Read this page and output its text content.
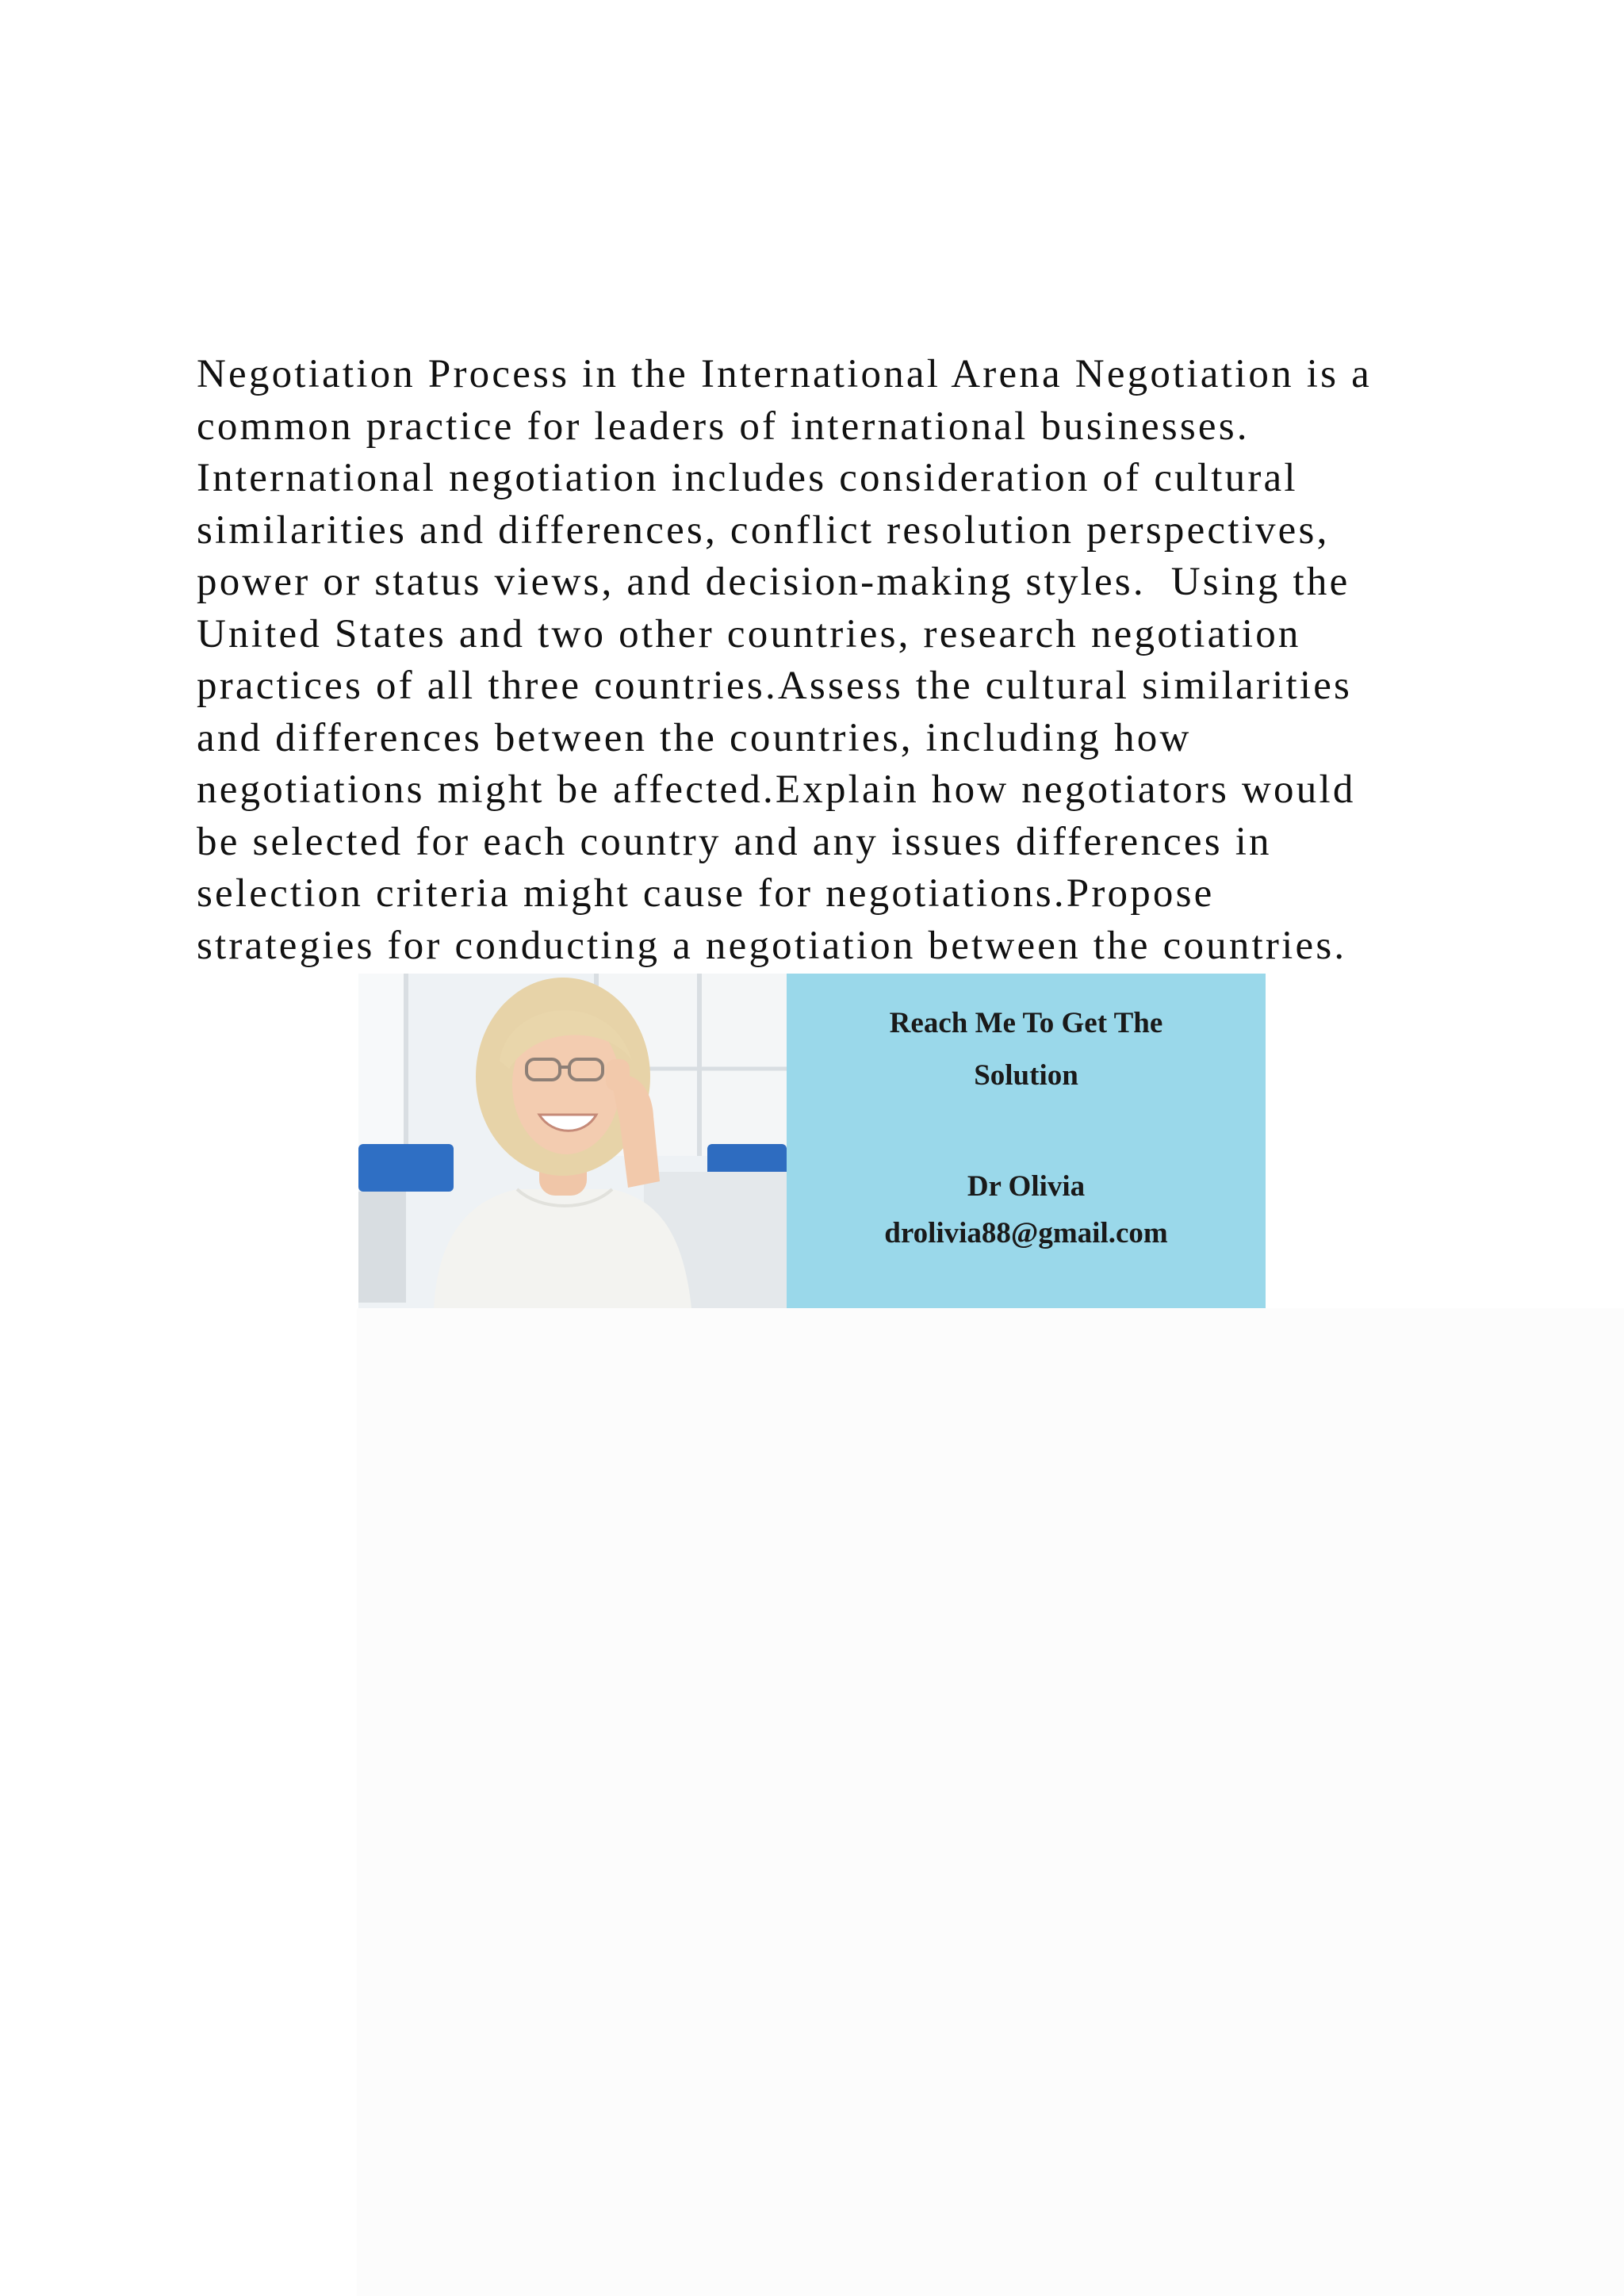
Negotiation Process in the International Arena Negotiation is a
common practice for leaders of international businesses.
International negotiation includes consideration of cultural
similarities and differences, conflict resolution perspectives,
power or status views, and decision-making styles.  Using the
United States and two other countries, research negotiation
practices of all three countries.Assess the cultural similarities
and differences between the countries, including how
negotiations might be affected.Explain how negotiators would
be selected for each country and any issues differences in
selection criteria might cause for negotiations.Propose
strategies for conducting a negotiation between the countries.

Reach Me To Get The
Solution
Dr Olivia
drolivia88@gmail.com
